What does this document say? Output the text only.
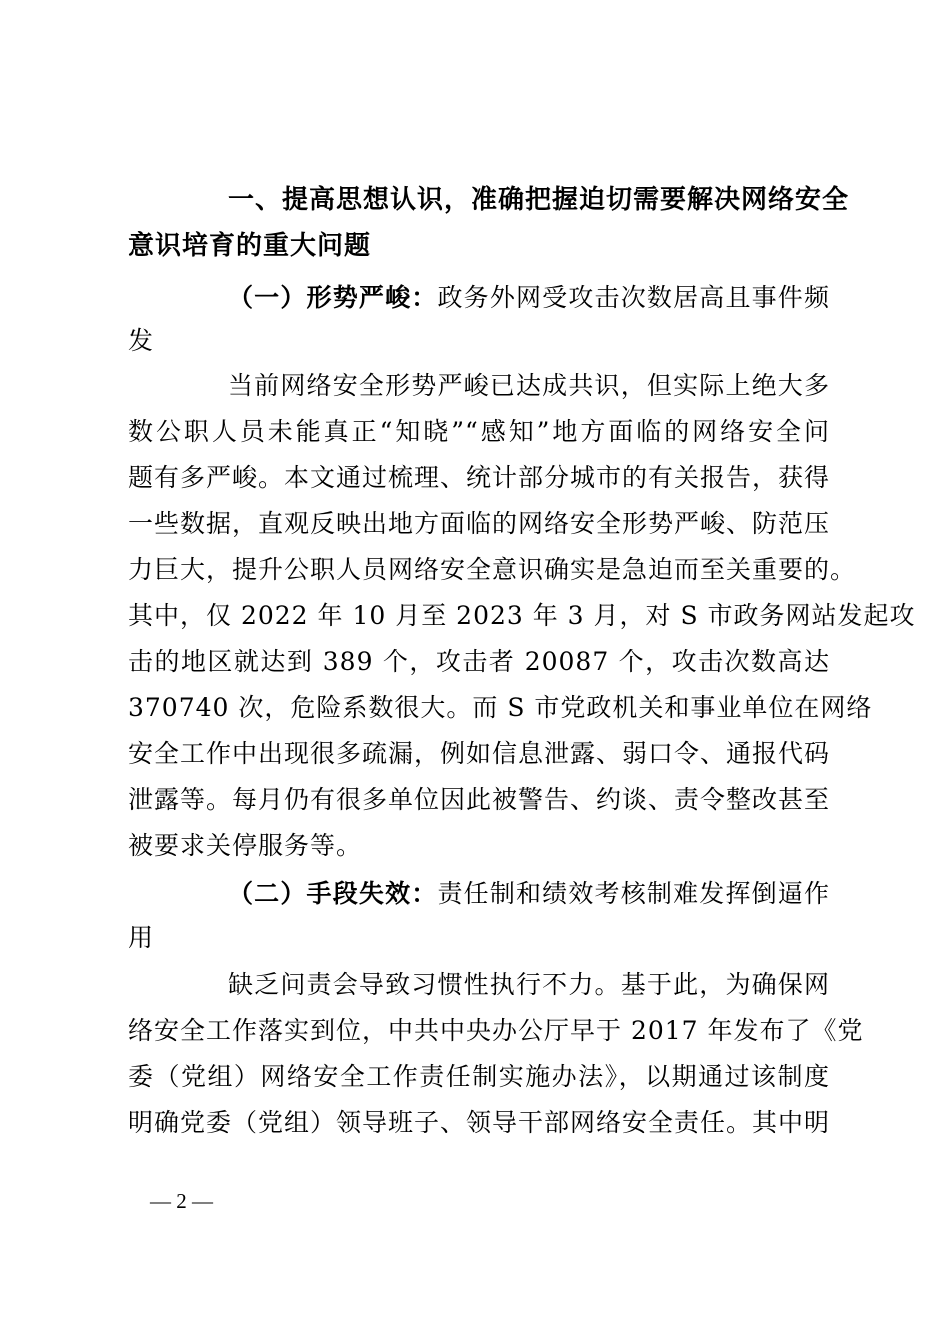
一、提高思想认识，准确把握迫切需要解决网络安全
意识培育的重大问题
（一）形势严峻：政务外网受攻击次数居高且事件频
发
当前网络安全形势严峻已达成共识，但实际上绝大多
数公职人员未能真正“知晓”“感知”地方面临的网络安全问
题有多严峻。本文通过梳理、统计部分城市的有关报告，获得
一些数据，直观反映出地方面临的网络安全形势严峻、防范压
力巨大，提升公职人员网络安全意识确实是急迫而至关重要的。
其中，仅 2022 年 10 月至 2023 年 3 月，对 S 市政务网站发起攻
击的地区就达到 389 个，攻击者 20087 个，攻击次数高达
370740 次，危险系数很大。而 S 市党政机关和事业单位在网络
安全工作中出现很多疏漏，例如信息泄露、弱口令、通报代码
泄露等。每月仍有很多单位因此被警告、约谈、责令整改甚至
被要求关停服务等。
（二）手段失效：责任制和绩效考核制难发挥倒逼作
用
缺乏问责会导致习惯性执行不力。基于此，为确保网
络安全工作落实到位，中共中央办公厅早于 2017 年发布了《党
委（党组）网络安全工作责任制实施办法》，以期通过该制度
明确党委（党组）领导班子、领导干部网络安全责任。其中明
— 2 —
